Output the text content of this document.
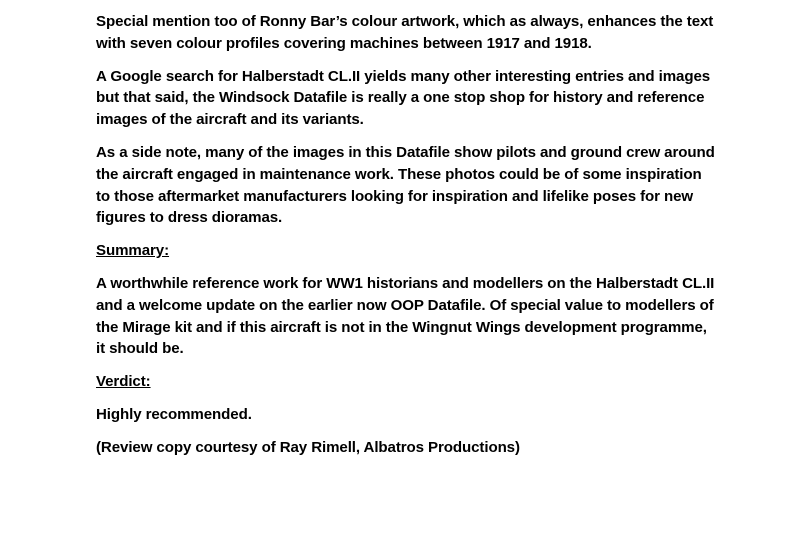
Special mention too of Ronny Bar’s colour artwork, which as always, enhances the text with seven colour profiles covering machines between 1917 and 1918.

A Google search for Halberstadt CL.II yields many other interesting entries and images but that said, the Windsock Datafile is really a one stop shop for history and reference images of the aircraft and its variants.

As a side note, many of the images in this Datafile show pilots and ground crew around the aircraft engaged in maintenance work. These photos could be of some inspiration to those aftermarket manufacturers looking for inspiration and lifelike poses for new figures to dress dioramas.

Summary:

A worthwhile reference work for WW1 historians and modellers on the Halberstadt CL.II and a welcome update on the earlier now OOP Datafile. Of special value to modellers of the Mirage kit and if this aircraft is not in the Wingnut Wings development programme, it should be.

Verdict:

Highly recommended.

(Review copy courtesy of Ray Rimell, Albatros Productions)
